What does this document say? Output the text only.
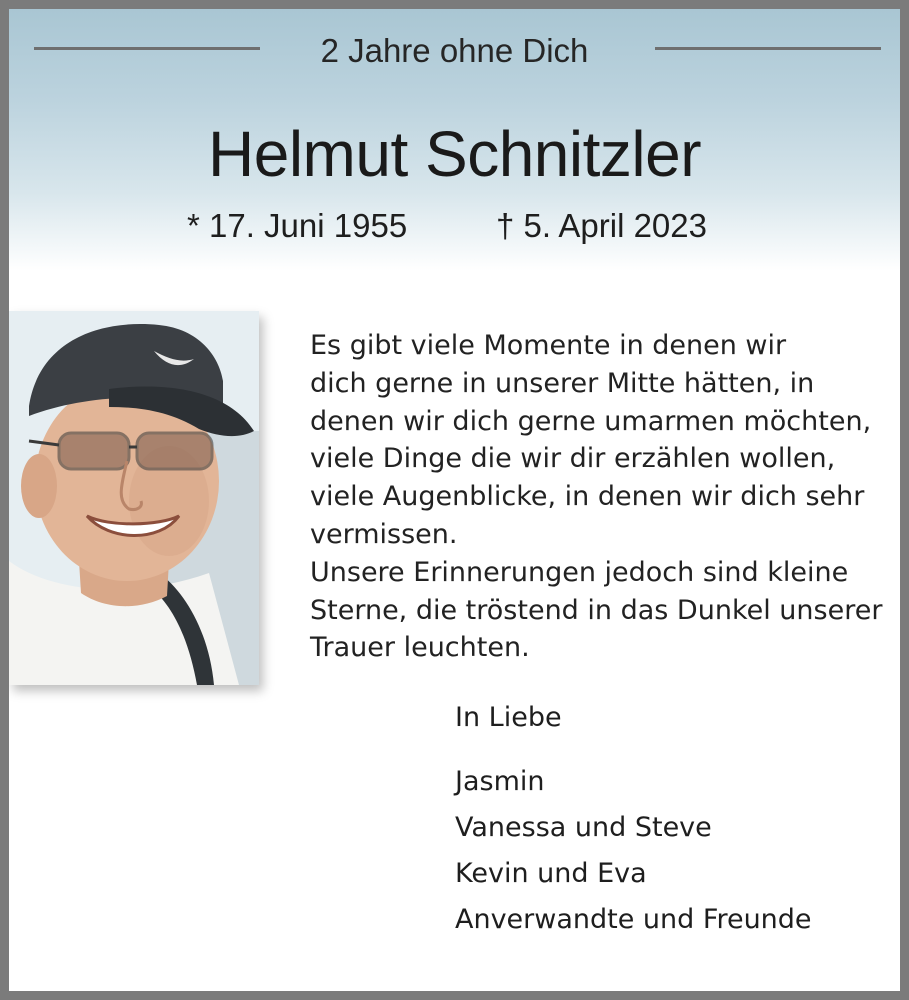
2 Jahre ohne Dich
Helmut Schnitzler
* 17. Juni 1955	† 5. April 2023
Es gibt viele Momente in denen wir
dich gerne in unserer Mitte hätten, in
denen wir dich gerne umarmen möchten,
viele Dinge die wir dir erzählen wollen,
viele Augenblicke, in denen wir dich sehr
vermissen.
Unsere Erinnerungen jedoch sind kleine
Sterne, die tröstend in das Dunkel unserer
Trauer leuchten.
In Liebe
Jasmin
Vanessa und Steve
Kevin und Eva
Anverwandte und Freunde
